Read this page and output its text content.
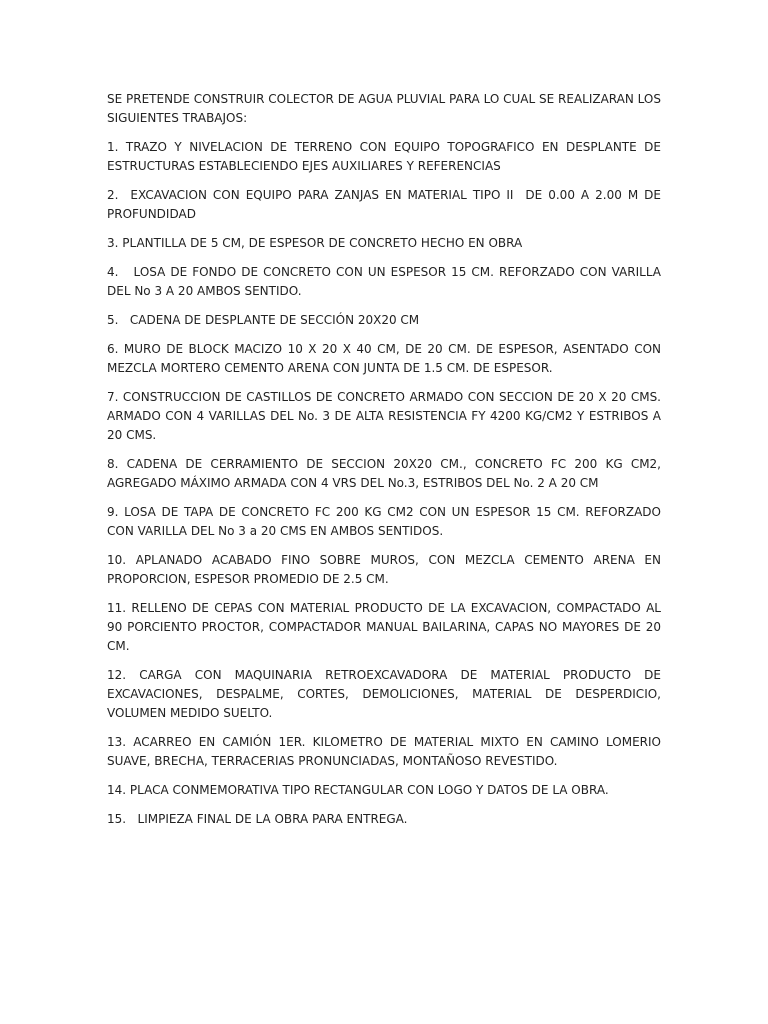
SE PRETENDE CONSTRUIR COLECTOR DE AGUA PLUVIAL PARA LO CUAL SE REALIZARAN LOS SIGUIENTES TRABAJOS:

1. TRAZO Y NIVELACION DE TERRENO CON EQUIPO TOPOGRAFICO EN DESPLANTE DE ESTRUCTURAS ESTABLECIENDO EJES AUXILIARES Y REFERENCIAS

2.  EXCAVACION CON EQUIPO PARA ZANJAS EN MATERIAL TIPO II  DE 0.00 A 2.00 M DE PROFUNDIDAD

3. PLANTILLA DE 5 CM, DE ESPESOR DE CONCRETO HECHO EN OBRA

4.   LOSA DE FONDO DE CONCRETO CON UN ESPESOR 15 CM. REFORZADO CON VARILLA DEL No 3 A 20 AMBOS SENTIDO.

5.   CADENA DE DESPLANTE DE SECCIÓN 20X20 CM

6. MURO DE BLOCK MACIZO 10 X 20 X 40 CM, DE 20 CM. DE ESPESOR, ASENTADO CON MEZCLA MORTERO CEMENTO ARENA CON JUNTA DE 1.5 CM. DE ESPESOR.

7. CONSTRUCCION DE CASTILLOS DE CONCRETO ARMADO CON SECCION DE 20 X 20 CMS. ARMADO CON 4 VARILLAS DEL No. 3 DE ALTA RESISTENCIA FY 4200 KG/CM2 Y ESTRIBOS A 20 CMS.

8. CADENA DE CERRAMIENTO DE SECCION 20X20 CM., CONCRETO FC 200 KG CM2, AGREGADO MÁXIMO ARMADA CON 4 VRS DEL No.3, ESTRIBOS DEL No. 2 A 20 CM

9. LOSA DE TAPA DE CONCRETO FC 200 KG CM2 CON UN ESPESOR 15 CM. REFORZADO CON VARILLA DEL No 3 a 20 CMS EN AMBOS SENTIDOS.

10. APLANADO ACABADO FINO SOBRE MUROS, CON MEZCLA CEMENTO ARENA EN PROPORCION, ESPESOR PROMEDIO DE 2.5 CM.

11. RELLENO DE CEPAS CON MATERIAL PRODUCTO DE LA EXCAVACION, COMPACTADO AL 90 PORCIENTO PROCTOR, COMPACTADOR MANUAL BAILARINA, CAPAS NO MAYORES DE 20 CM.

12. CARGA CON MAQUINARIA RETROEXCAVADORA DE MATERIAL PRODUCTO DE EXCAVACIONES, DESPALME, CORTES, DEMOLICIONES, MATERIAL DE DESPERDICIO, VOLUMEN MEDIDO SUELTO.

13. ACARREO EN CAMIÓN 1ER. KILOMETRO DE MATERIAL MIXTO EN CAMINO LOMERIO SUAVE, BRECHA, TERRACERIAS PRONUNCIADAS, MONTAÑOSO REVESTIDO.

14. PLACA CONMEMORATIVA TIPO RECTANGULAR CON LOGO Y DATOS DE LA OBRA.

15.   LIMPIEZA FINAL DE LA OBRA PARA ENTREGA.
